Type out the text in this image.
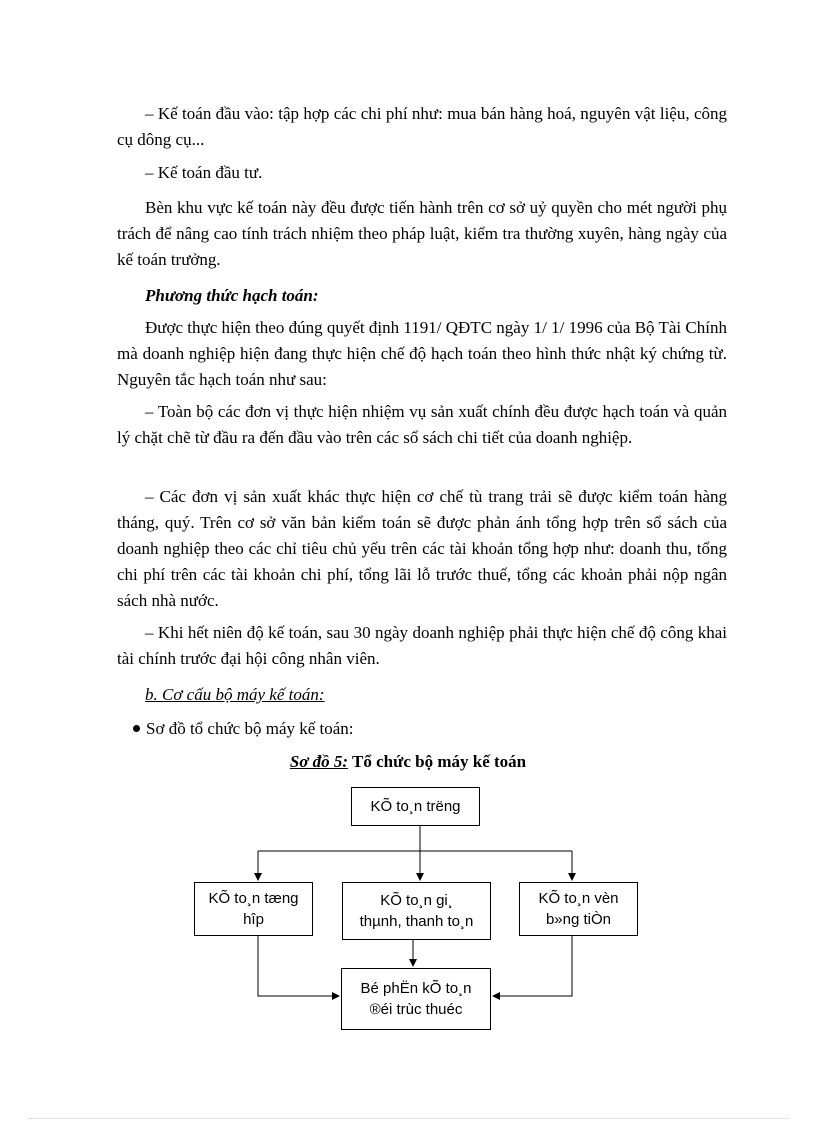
– Kế toán đầu vào: tập hợp các chi phí như: mua bán hàng hoá, nguyên vật liệu, công cụ dông cụ...

– Kế toán đầu tư.

Bèn khu vực kế toán này đều được tiến hành trên cơ sở uỷ quyền cho mét người phụ trách để nâng cao tính trách nhiệm theo pháp luật, kiểm tra thường xuyên, hàng ngày của kế toán trưởng.

Phương thức hạch toán:

Được thực hiện theo đúng quyết định 1191/ QĐTC ngày 1/ 1/ 1996 của Bộ Tài Chính mà doanh nghiệp hiện đang thực hiện chế độ hạch toán theo hình thức nhật ký chứng từ. Nguyên tắc hạch toán như sau:

– Toàn bộ các đơn vị thực hiện nhiệm vụ sản xuất chính đều được hạch toán và quản lý chặt chẽ từ đầu ra đến đầu vào trên các sổ sách chi tiết của doanh nghiệp.

– Các đơn vị sản xuất khác thực hiện cơ chế tù trang trải sẽ được kiểm toán hàng tháng, quý. Trên cơ sở văn bản kiểm toán sẽ được phản ánh tổng hợp trên sổ sách của doanh nghiệp theo các chỉ tiêu chủ yếu trên các tài khoản tổng hợp như: doanh thu, tổng chi phí trên các tài khoản chi phí, tổng lãi lỗ trước thuế, tổng các khoản phải nộp ngân sách nhà nước.

– Khi hết niên độ kế toán, sau 30 ngày doanh nghiệp phải thực hiện chế độ công khai tài chính trước đại hội công nhân viên.

b. Cơ cấu bộ máy kế toán:

Sơ đồ tổ chức bộ máy kế toán:

Sơ đồ 5: Tổ chức bộ máy kế toán
KÕ to¸n trëng
KÕ to¸n tæng
hîp
KÕ to¸n gi¸
thµnh, thanh to¸n
KÕ to¸n vèn
b»ng tiÒn
Bé phËn kÕ to¸n
®éi trùc thuéc
